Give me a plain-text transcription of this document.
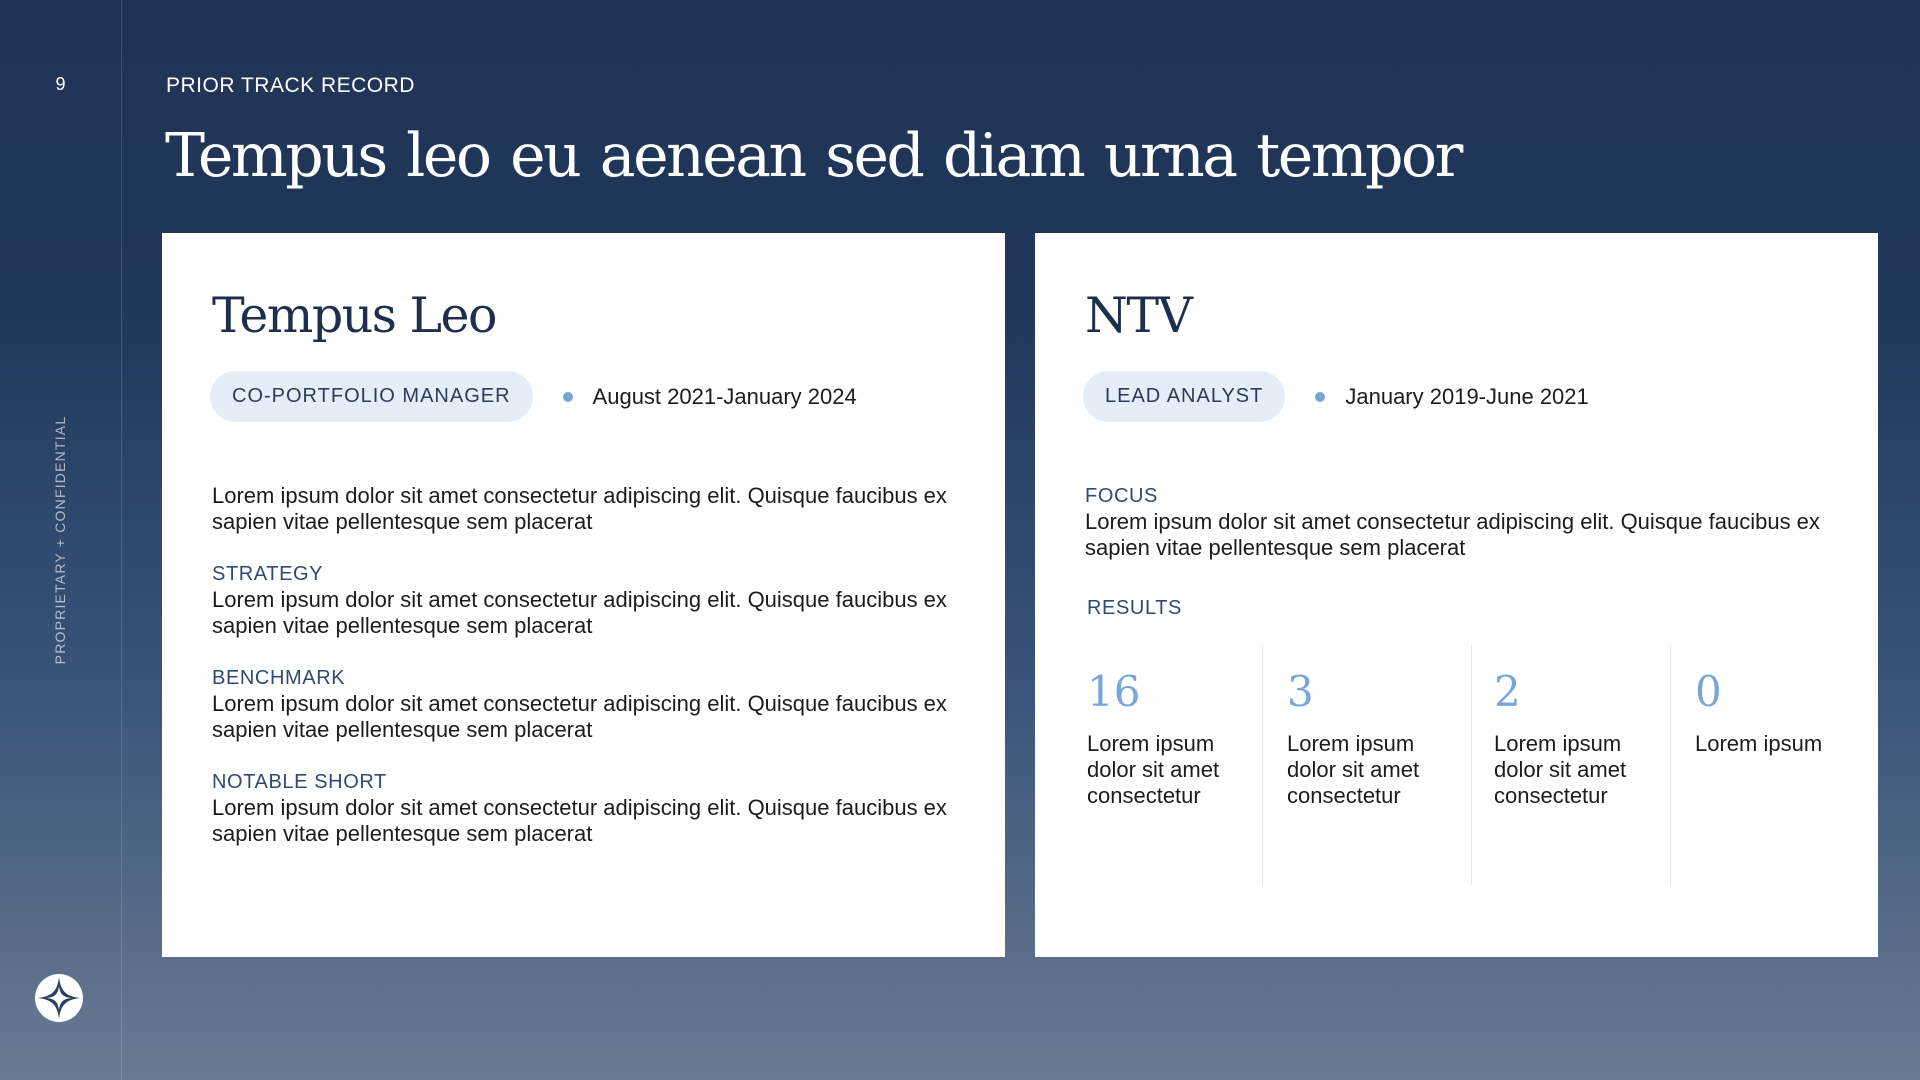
9
PROPRIETARY + CONFIDENTIAL
PRIOR TRACK RECORD
Tempus leo eu aenean sed diam urna tempor
Tempus Leo
CO-PORTFOLIO MANAGER	August 2021-January 2024
Lorem ipsum dolor sit amet consectetur adipiscing elit. Quisque faucibus ex sapien vitae pellentesque sem placerat
STRATEGY
Lorem ipsum dolor sit amet consectetur adipiscing elit. Quisque faucibus ex sapien vitae pellentesque sem placerat
BENCHMARK
Lorem ipsum dolor sit amet consectetur adipiscing elit. Quisque faucibus ex sapien vitae pellentesque sem placerat
NOTABLE SHORT
Lorem ipsum dolor sit amet consectetur adipiscing elit. Quisque faucibus ex sapien vitae pellentesque sem placerat
NTV
LEAD ANALYST	January 2019-June 2021
FOCUS
Lorem ipsum dolor sit amet consectetur adipiscing elit. Quisque faucibus ex sapien vitae pellentesque sem placerat
RESULTS
16
Lorem ipsum dolor sit amet consectetur
3
Lorem ipsum dolor sit amet consectetur
2
Lorem ipsum dolor sit amet consectetur
0
Lorem ipsum
